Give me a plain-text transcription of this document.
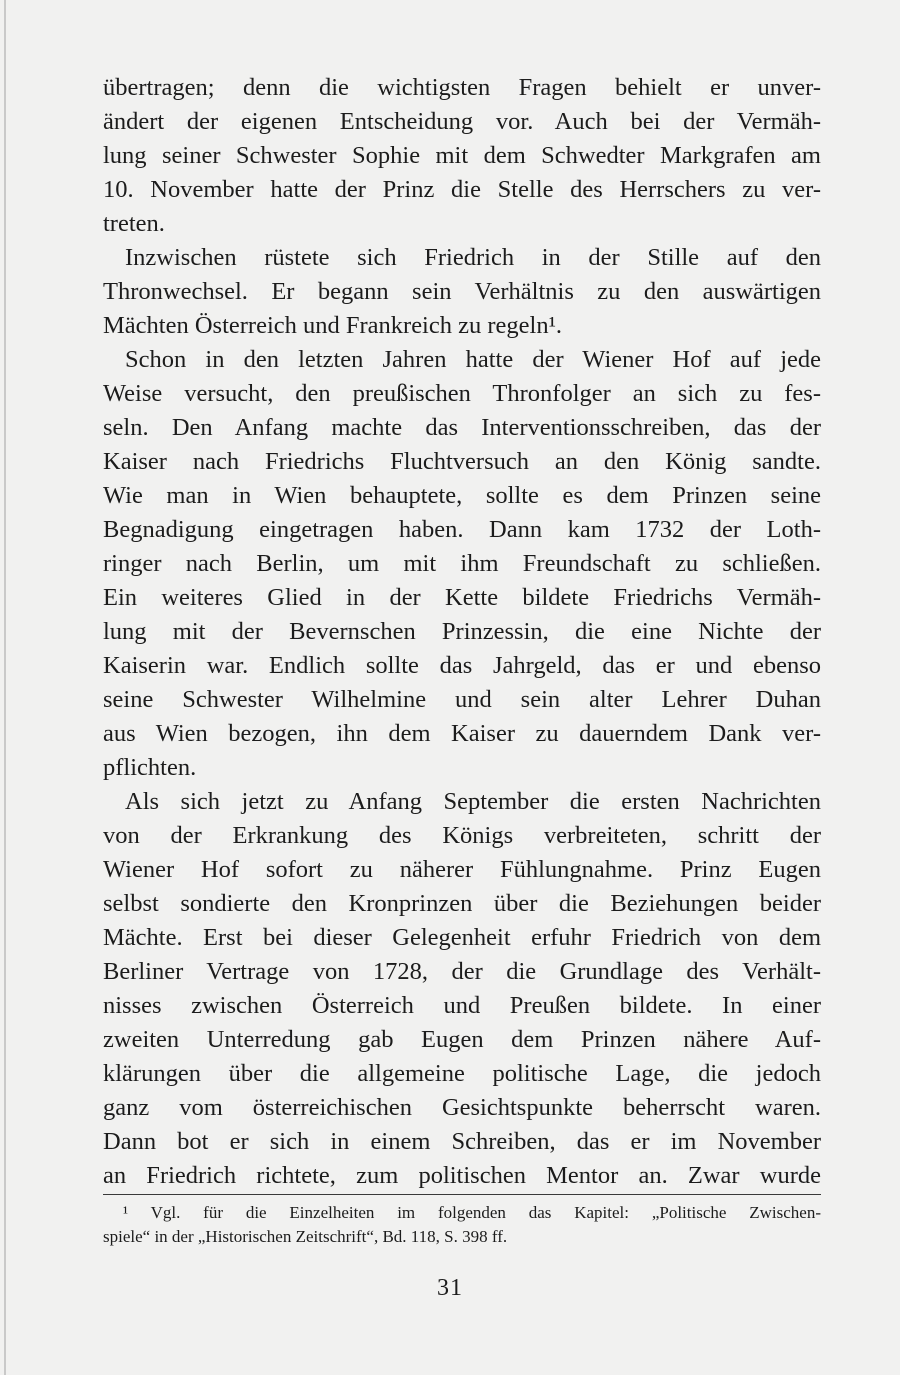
übertragen; denn die wichtigsten Fragen behielt er unver-
ändert der eigenen Entscheidung vor. Auch bei der Vermäh-
lung seiner Schwester Sophie mit dem Schwedter Markgrafen am
10. November hatte der Prinz die Stelle des Herrschers zu ver-
treten.
Inzwischen rüstete sich Friedrich in der Stille auf den
Thronwechsel. Er begann sein Verhältnis zu den auswärtigen
Mächten Österreich und Frankreich zu regeln¹.
Schon in den letzten Jahren hatte der Wiener Hof auf jede
Weise versucht, den preußischen Thronfolger an sich zu fes-
seln. Den Anfang machte das Interventionsschreiben, das der
Kaiser nach Friedrichs Fluchtversuch an den König sandte.
Wie man in Wien behauptete, sollte es dem Prinzen seine
Begnadigung eingetragen haben. Dann kam 1732 der Loth-
ringer nach Berlin, um mit ihm Freundschaft zu schließen.
Ein weiteres Glied in der Kette bildete Friedrichs Vermäh-
lung mit der Bevernschen Prinzessin, die eine Nichte der
Kaiserin war. Endlich sollte das Jahrgeld, das er und ebenso
seine Schwester Wilhelmine und sein alter Lehrer Duhan
aus Wien bezogen, ihn dem Kaiser zu dauerndem Dank ver-
pflichten.
Als sich jetzt zu Anfang September die ersten Nachrichten
von der Erkrankung des Königs verbreiteten, schritt der
Wiener Hof sofort zu näherer Fühlungnahme. Prinz Eugen
selbst sondierte den Kronprinzen über die Beziehungen beider
Mächte. Erst bei dieser Gelegenheit erfuhr Friedrich von dem
Berliner Vertrage von 1728, der die Grundlage des Verhält-
nisses zwischen Österreich und Preußen bildete. In einer
zweiten Unterredung gab Eugen dem Prinzen nähere Auf-
klärungen über die allgemeine politische Lage, die jedoch
ganz vom österreichischen Gesichtspunkte beherrscht waren.
Dann bot er sich in einem Schreiben, das er im November
an Friedrich richtete, zum politischen Mentor an. Zwar wurde
¹ Vgl. für die Einzelheiten im folgenden das Kapitel: „Politische Zwischen-
spiele“ in der „Historischen Zeitschrift“, Bd. 118, S. 398 ff.
31
